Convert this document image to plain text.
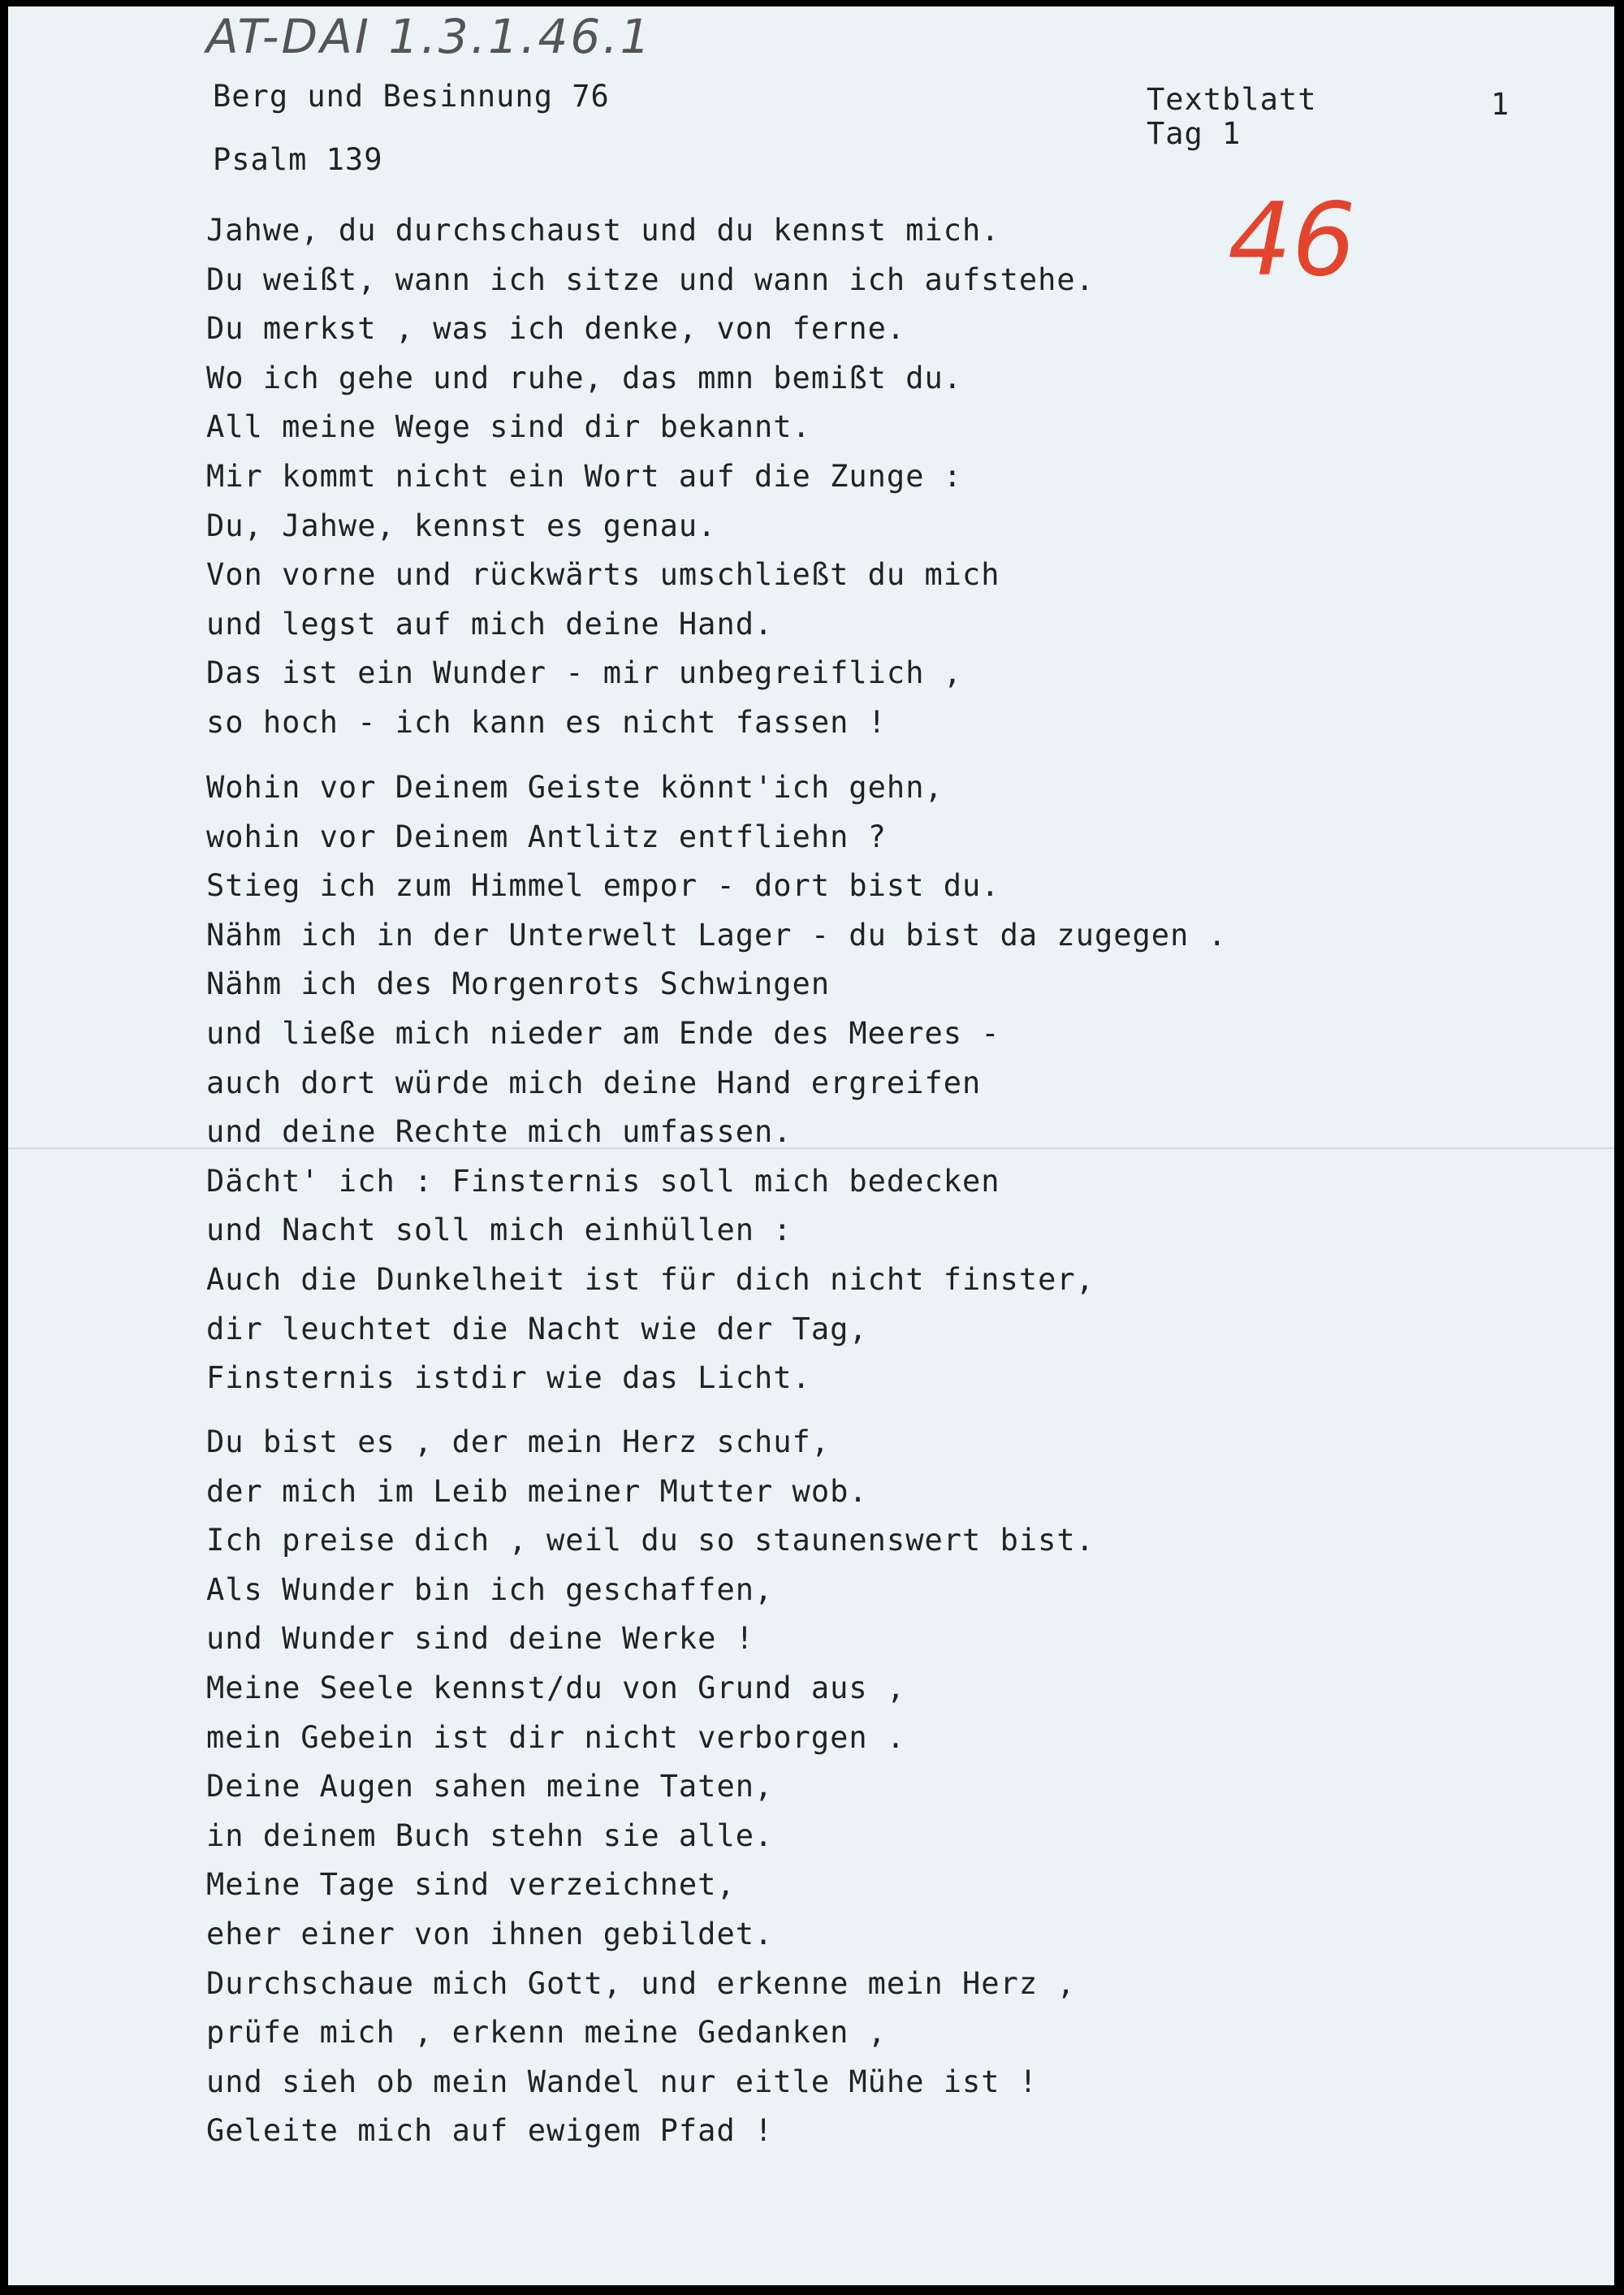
AT-DAI 1.3.1.46.1
Berg und Besinnung 76	Textblatt
Tag 1
1
46
Psalm 139
Jahwe, du durchschaust und du kennst mich.
Du weißt, wann ich sitze und wann ich aufstehe.
Du merkst , was ich denke, von ferne.
Wo ich gehe und ruhe, das mmn bemißt du.
All meine Wege sind dir bekannt.
Mir kommt nicht ein Wort auf die Zunge :
Du, Jahwe, kennst es genau.
Von vorne und rückwärts umschließt du mich
und legst auf mich deine Hand.
Das ist ein Wunder - mir unbegreiflich ,
so hoch - ich kann es nicht fassen !
Wohin vor Deinem Geiste könnt'ich gehn,
wohin vor Deinem Antlitz entfliehn ?
Stieg ich zum Himmel empor - dort bist du.
Nähm ich in der Unterwelt Lager - du bist da zugegen .
Nähm ich des Morgenrots Schwingen
und ließe mich nieder am Ende des Meeres -
auch dort würde mich deine Hand ergreifen
und deine Rechte mich umfassen.
Dächt' ich : Finsternis soll mich bedecken
und Nacht soll mich einhüllen :
Auch die Dunkelheit ist für dich nicht finster,
dir leuchtet die Nacht wie der Tag,
Finsternis istdir wie das Licht.
Du bist es , der mein Herz schuf,
der mich im Leib meiner Mutter wob.
Ich preise dich , weil du so staunenswert bist.
Als Wunder bin ich geschaffen,
und Wunder sind deine Werke !
Meine Seele kennst/du von Grund aus ,
mein Gebein ist dir nicht verborgen .
Deine Augen sahen meine Taten,
in deinem Buch stehn sie alle.
Meine Tage sind verzeichnet,
eher einer von ihnen gebildet.
Durchschaue mich Gott, und erkenne mein Herz ,
prüfe mich , erkenn meine Gedanken ,
und sieh ob mein Wandel nur eitle Mühe ist !
Geleite mich auf ewigem Pfad !
